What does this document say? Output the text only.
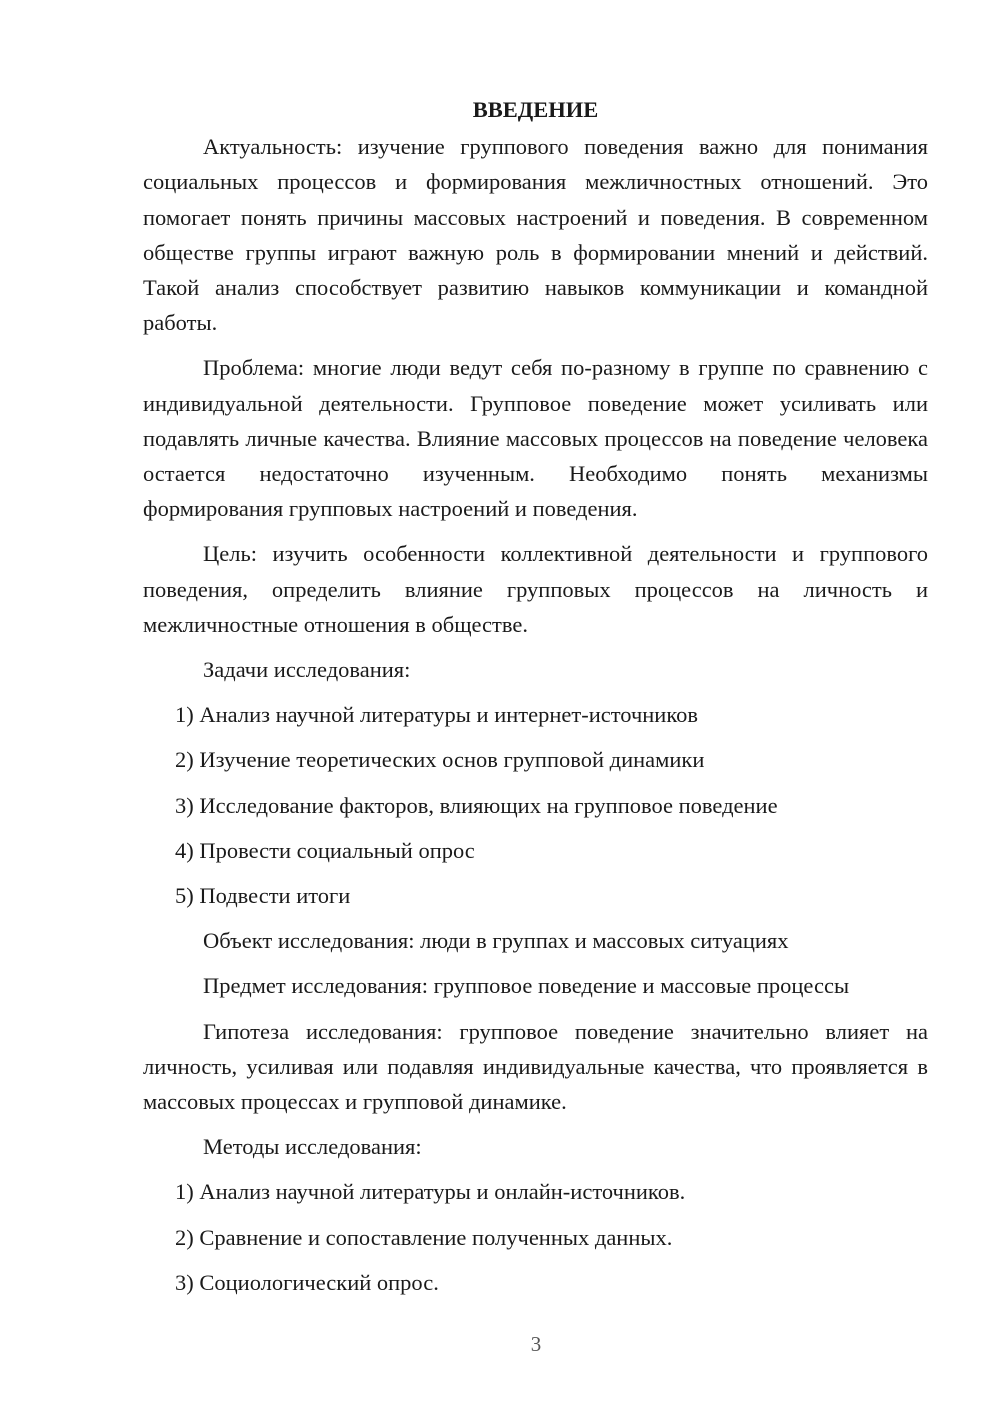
ВВЕДЕНИЕ

Актуальность: изучение группового поведения важно для понимания социальных процессов и формирования межличностных отношений. Это помогает понять причины массовых настроений и поведения. В современном обществе группы играют важную роль в формировании мнений и действий. Такой анализ способствует развитию навыков коммуникации и командной работы.

Проблема: многие люди ведут себя по-разному в группе по сравнению с индивидуальной деятельности. Групповое поведение может усиливать или подавлять личные качества. Влияние массовых процессов на поведение человека остается недостаточно изученным. Необходимо понять механизмы формирования групповых настроений и поведения.

Цель: изучить особенности коллективной деятельности и группового поведения, определить влияние групповых процессов на личность и межличностные отношения в обществе.

Задачи исследования:

1) Анализ научной литературы и интернет-источников
2) Изучение теоретических основ групповой динамики
3) Исследование факторов, влияющих на групповое поведение
4) Провести социальный опрос
5) Подвести итоги

Объект исследования: люди в группах и массовых ситуациях

Предмет исследования: групповое поведение и массовые процессы

Гипотеза исследования: групповое поведение значительно влияет на личность, усиливая или подавляя индивидуальные качества, что проявляется в массовых процессах и групповой динамике.

Методы исследования:

1) Анализ научной литературы и онлайн-источников.
2) Сравнение и сопоставление полученных данных.
3) Социологический опрос.
3
